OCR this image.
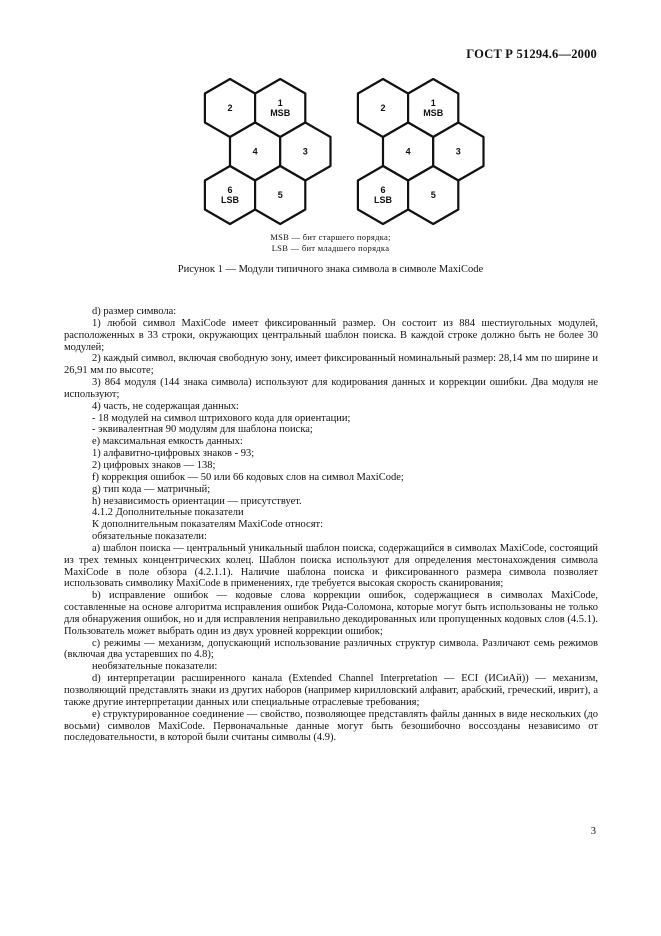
ГОСТ Р 51294.6—2000
2	1
MSB
4	3
6
LSB	5
2	1
MSB
4	3
6
LSB	5
MSB — бит старшего порядка;
LSB — бит младшего порядка
Рисунок 1 — Модули типичного знака символа в символе MaxiCode

d) размер символа:

1) любой символ MaxiCode имеет фиксированный размер. Он состоит из 884 шестиугольных модулей, расположенных в 33 строки, окружающих центральный шаблон поиска. В каждой строке должно быть не более 30 модулей;

2) каждый символ, включая свободную зону, имеет фиксированный номинальный размер: 28,14 мм по ширине и 26,91 мм по высоте;

3) 864 модуля (144 знака символа) используют для кодирования данных и коррекции ошибки. Два модуля не используют;

4) часть, не содержащая данных:

- 18 модулей на символ штрихового кода для ориентации;

- эквивалентная 90 модулям для шаблона поиска;

e) максимальная емкость данных:

1) алфавитно-цифровых знаков - 93;

2) цифровых знаков — 138;

f) коррекция ошибок — 50 или 66 кодовых слов на символ MaxiCode;

g) тип кода — матричный;

h) независимость ориентации — присутствует.

4.1.2 Дополнительные показатели

К дополнительным показателям MaxiCode относят:

обязательные показатели:

a) шаблон поиска — центральный уникальный шаблон поиска, содержащийся в символах MaxiCode, состоящий из трех темных концентрических колец. Шаблон поиска используют для определения местонахождения символа MaxiCode в поле обзора (4.2.1.1). Наличие шаблона поиска и фиксированного размера символа позволяет использовать символику MaxiCode в применениях, где требуется высокая скорость сканирования;

b) исправление ошибок — кодовые слова коррекции ошибок, содержащиеся в символах MaxiCode, составленные на основе алгоритма исправления ошибок Рида-Соломона, которые могут быть использованы не только для обнаружения ошибок, но и для исправления неправильно декодированных или пропущенных кодовых слов (4.5.1). Пользователь может выбрать один из двух уровней коррекции ошибок;

c) режимы — механизм, допускающий использование различных структур символа. Различают семь режимов (включая два устаревших по 4.8);

необязательные показатели:

d) интерпретации расширенного канала (Extended Channel Interpretation — ECI (ИСиАй)) — механизм, позволяющий представлять знаки из других наборов (например кирилловский алфавит, арабский, греческий, иврит), а также другие интерпретации данных или специальные отраслевые требования;

e) структурированное соединение — свойство, позволяющее представлять файлы данных в виде нескольких (до восьми) символов MaxiCode. Первоначальные данные могут быть безошибочно воссозданы независимо от последовательности, в которой были считаны символы (4.9).

3
